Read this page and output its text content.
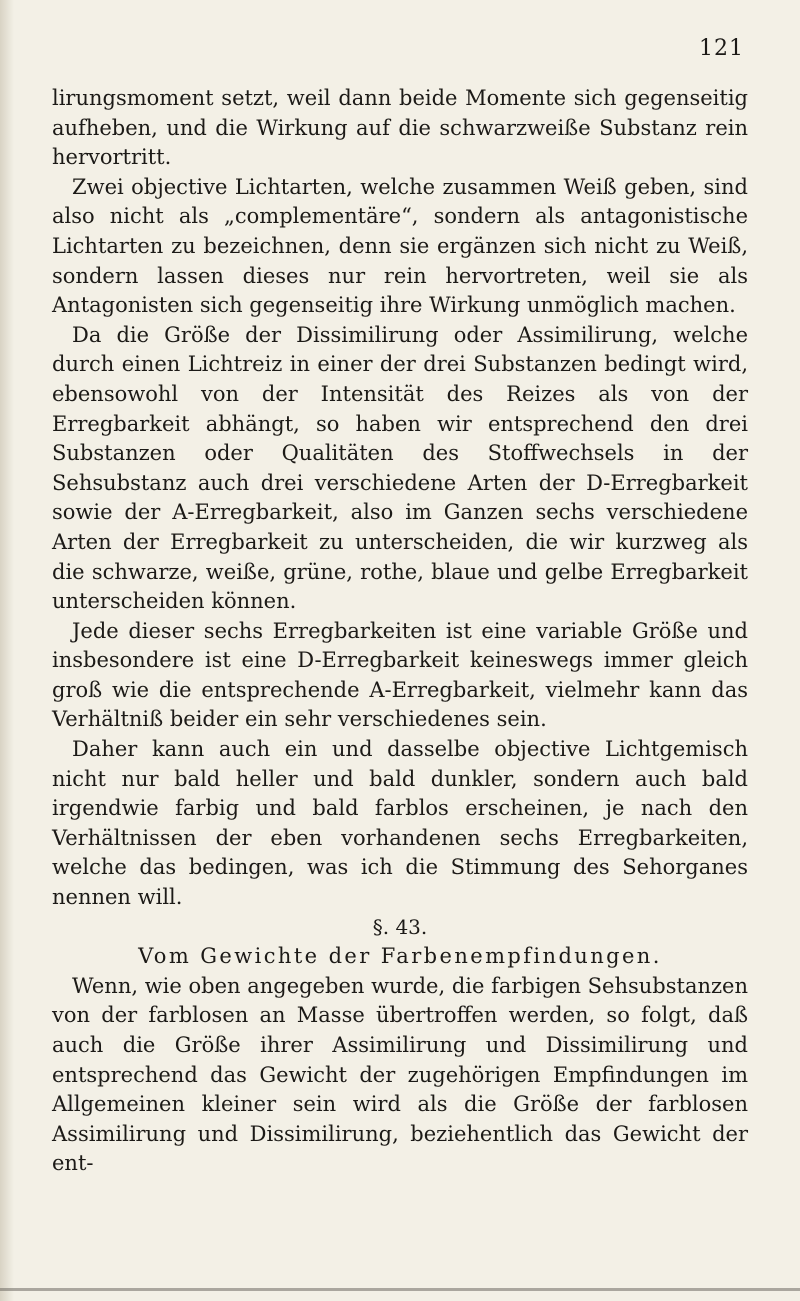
121

lirungsmoment setzt, weil dann beide Momente sich gegenseitig aufheben, und die Wirkung auf die schwarzweiße Substanz rein hervortritt.

Zwei objective Lichtarten, welche zusammen Weiß geben, sind also nicht als „complementäre“, sondern als antagonistische Lichtarten zu bezeichnen, denn sie ergänzen sich nicht zu Weiß, sondern lassen dieses nur rein hervortreten, weil sie als Antagonisten sich gegenseitig ihre Wirkung unmöglich machen.

Da die Größe der Dissimilirung oder Assimilirung, welche durch einen Lichtreiz in einer der drei Substanzen bedingt wird, ebensowohl von der Intensität des Reizes als von der Erregbarkeit abhängt, so haben wir entsprechend den drei Substanzen oder Qualitäten des Stoffwechsels in der Sehsubstanz auch drei verschiedene Arten der D-Erregbarkeit sowie der A-Erregbarkeit, also im Ganzen sechs verschiedene Arten der Erregbarkeit zu unterscheiden, die wir kurzweg als die schwarze, weiße, grüne, rothe, blaue und gelbe Erregbarkeit unterscheiden können.

Jede dieser sechs Erregbarkeiten ist eine variable Größe und insbesondere ist eine D-Erregbarkeit keineswegs immer gleich groß wie die entsprechende A-Erregbarkeit, vielmehr kann das Verhältniß beider ein sehr verschiedenes sein.

Daher kann auch ein und dasselbe objective Lichtgemisch nicht nur bald heller und bald dunkler, sondern auch bald irgendwie farbig und bald farblos erscheinen, je nach den Verhältnissen der eben vorhandenen sechs Erregbarkeiten, welche das bedingen, was ich die Stimmung des Sehorganes nennen will.

§. 43.

Vom Gewichte der Farbenempfindungen.

Wenn, wie oben angegeben wurde, die farbigen Sehsubstanzen von der farblosen an Masse übertroffen werden, so folgt, daß auch die Größe ihrer Assimilirung und Dissimilirung und entsprechend das Gewicht der zugehörigen Empfindungen im Allgemeinen kleiner sein wird als die Größe der farblosen Assimilirung und Dissimilirung, beziehentlich das Gewicht der ent-
